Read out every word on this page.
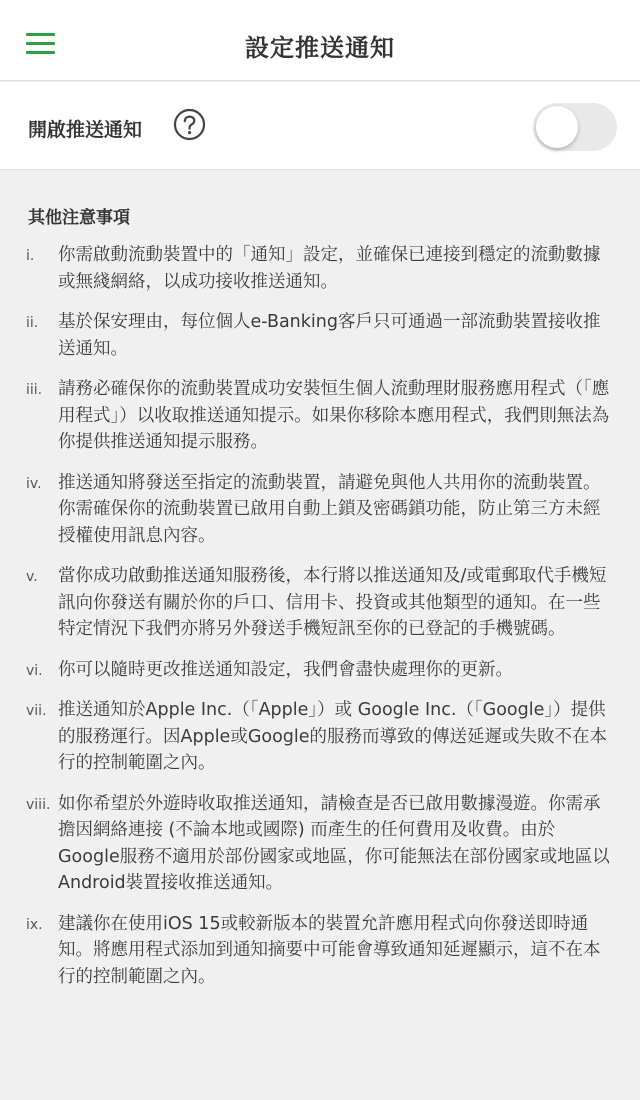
設定推送通知
開啟推送通知
其他注意事項
i. 你需啟動流動裝置中的「通知」設定，並確保已連接到穩定的流動數據或無綫網絡，以成功接收推送通知。
ii. 基於保安理由，每位個人e-Banking客戶只可通過一部流動裝置接收推送通知。
iii. 請務必確保你的流動裝置成功安裝恒生個人流動理財服務應用程式（「應用程式」）以收取推送通知提示。如果你移除本應用程式，我們則無法為你提供推送通知提示服務。
iv. 推送通知將發送至指定的流動裝置，請避免與他人共用你的流動裝置。你需確保你的流動裝置已啟用自動上鎖及密碼鎖功能，防止第三方未經授權使用訊息內容。
v. 當你成功啟動推送通知服務後，本行將以推送通知及/或電郵取代手機短訊向你發送有關於你的戶口、信用卡、投資或其他類型的通知。在一些特定情況下我們亦將另外發送手機短訊至你的已登記的手機號碼。
vi. 你可以隨時更改推送通知設定，我們會盡快處理你的更新。
vii. 推送通知於Apple Inc.（「Apple」）或 Google Inc.（「Google」）提供的服務運行。因Apple或Google的服務而導致的傳送延遲或失敗不在本行的控制範圍之內。
viii. 如你希望於外遊時收取推送通知，請檢查是否已啟用數據漫遊。你需承擔因網絡連接 (不論本地或國際) 而產生的任何費用及收費。由於Google服務不適用於部份國家或地區，你可能無法在部份國家或地區以Android裝置接收推送通知。
ix. 建議你在使用iOS 15或較新版本的裝置允許應用程式向你發送即時通知。將應用程式添加到通知摘要中可能會導致通知延遲顯示，這不在本行的控制範圍之內。
